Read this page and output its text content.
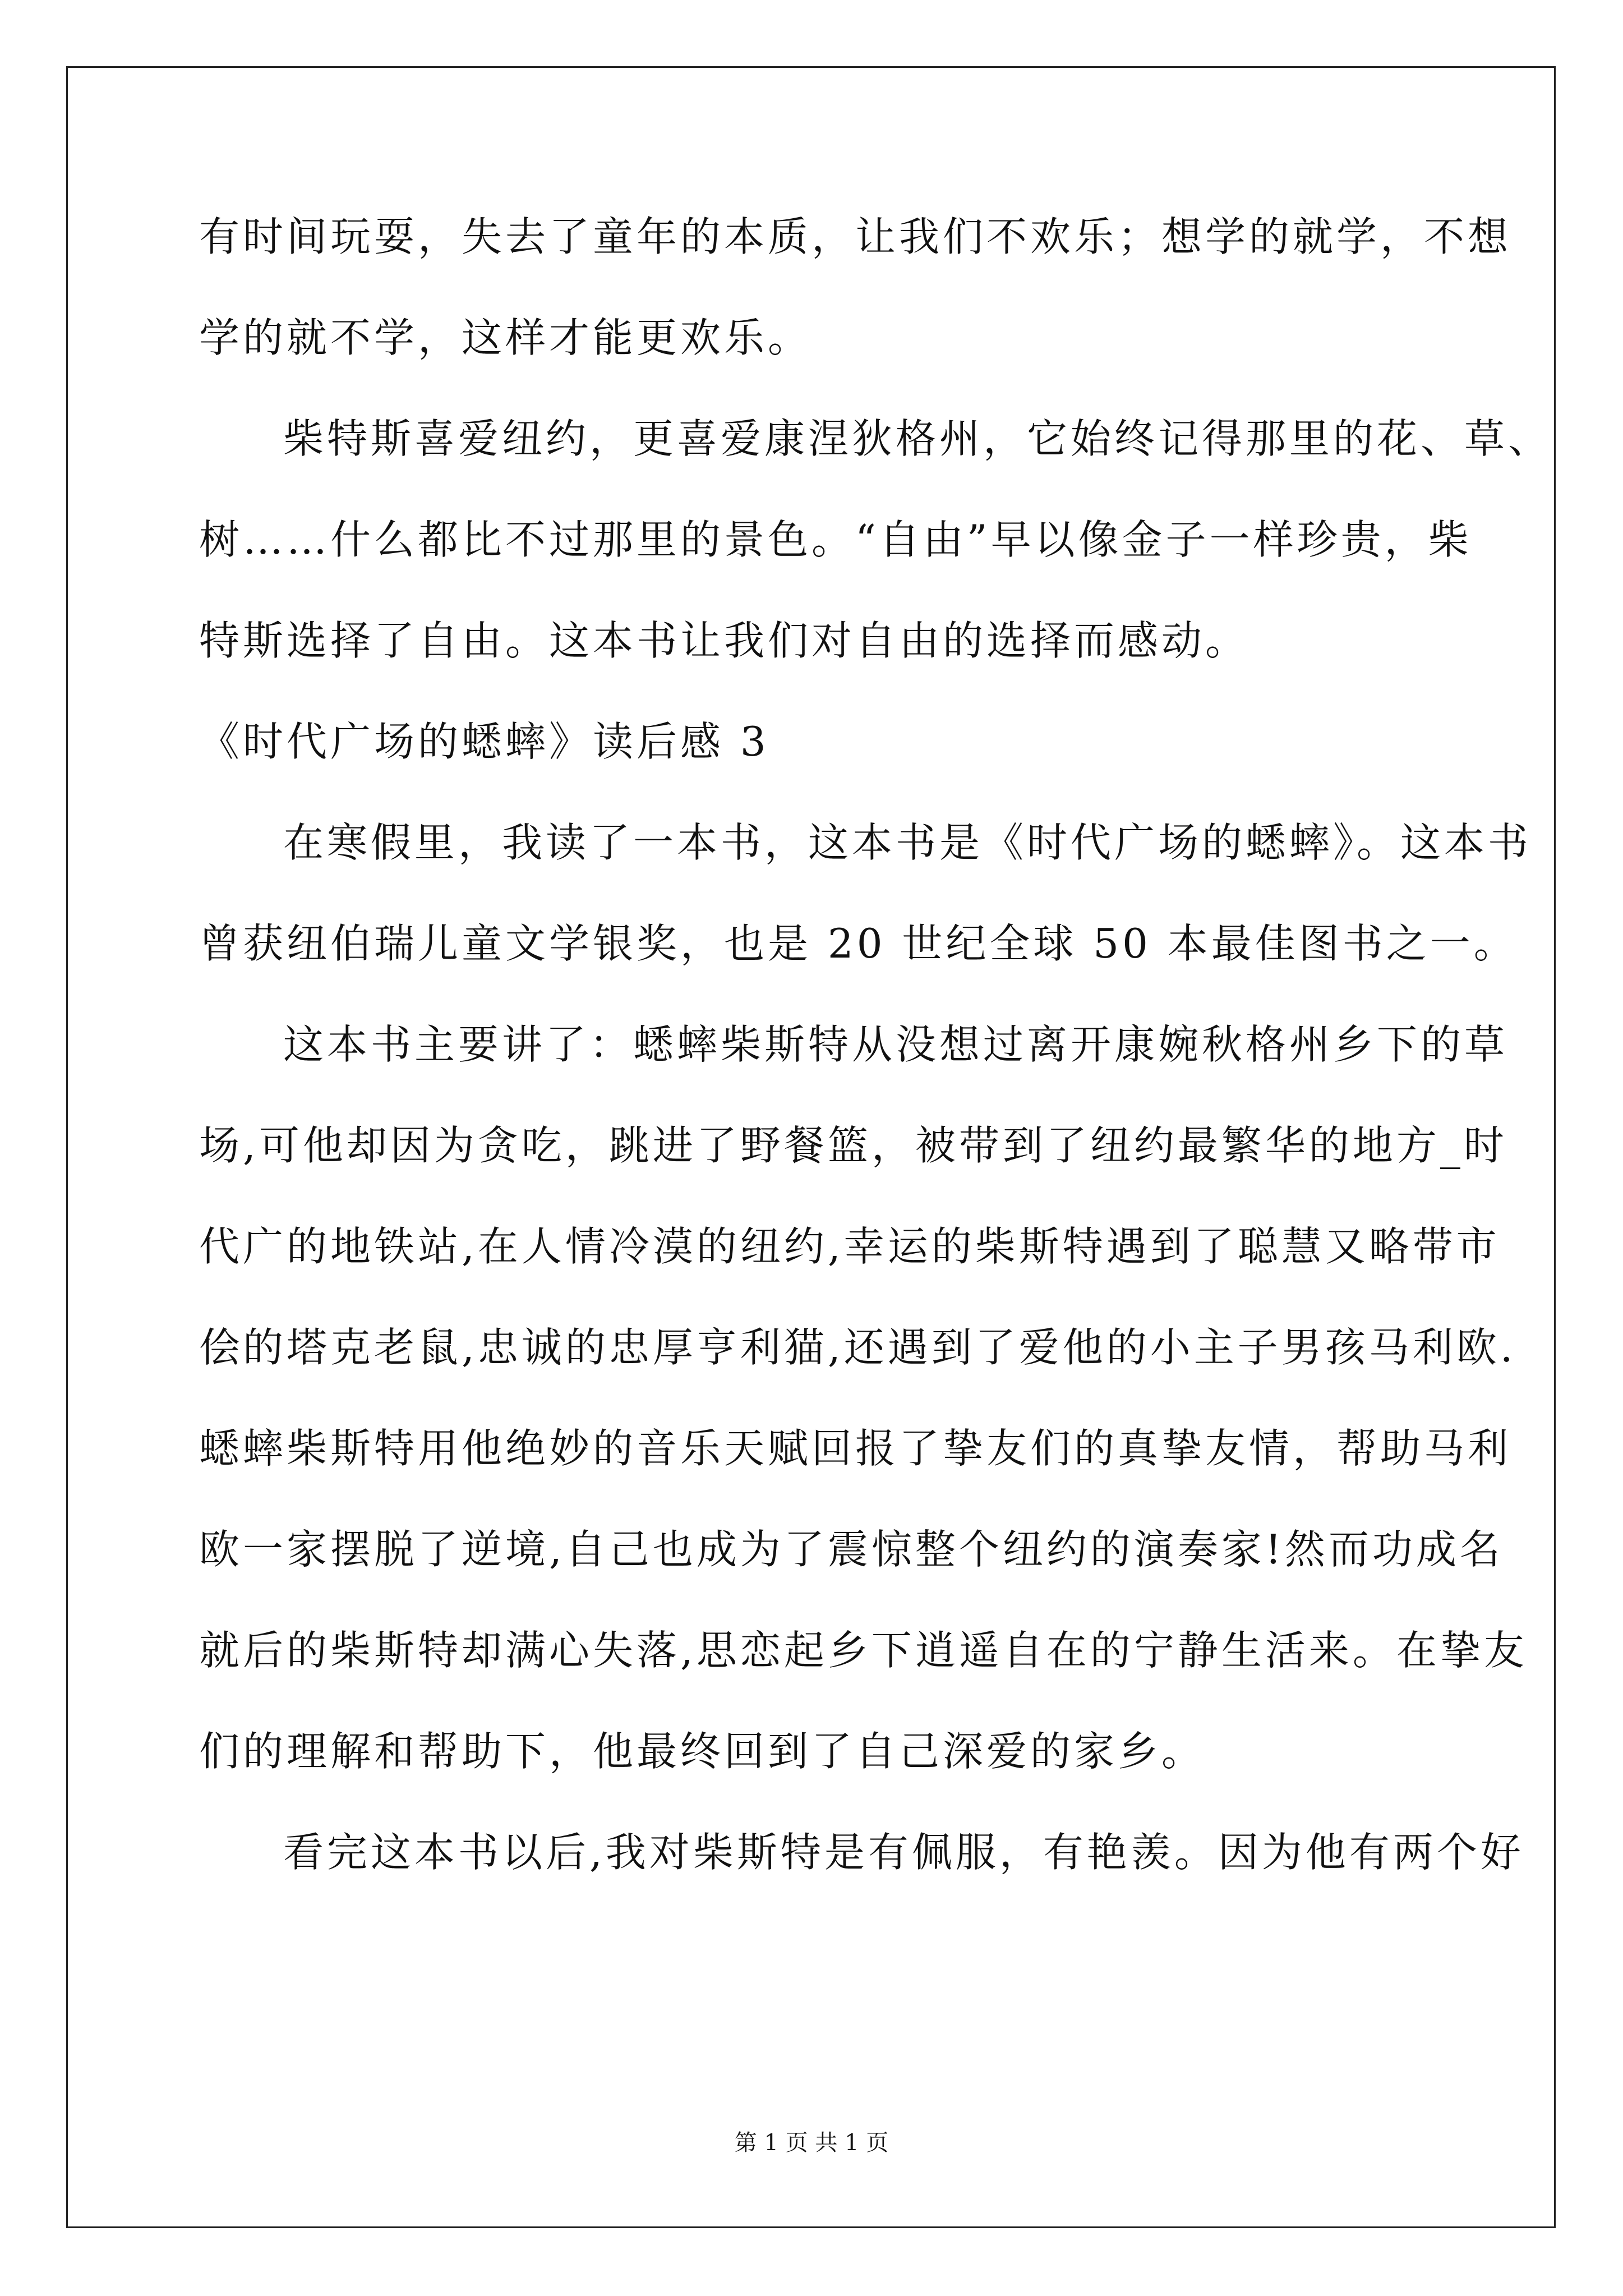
有时间玩耍，失去了童年的本质，让我们不欢乐；想学的就学，不想
学的就不学，这样才能更欢乐。
柴特斯喜爱纽约，更喜爱康涅狄格州，它始终记得那里的花、草、
树……什么都比不过那里的景色。“自由”早以像金子一样珍贵，柴
特斯选择了自由。这本书让我们对自由的选择而感动。
《时代广场的蟋蟀》读后感 3
在寒假里，我读了一本书，这本书是《时代广场的蟋蟀》。这本书
曾获纽伯瑞儿童文学银奖，也是 20 世纪全球 50 本最佳图书之一。
这本书主要讲了：蟋蟀柴斯特从没想过离开康婉秋格州乡下的草
场,可他却因为贪吃，跳进了野餐篮，被带到了纽约最繁华的地方_时
代广的地铁站,在人情冷漠的纽约,幸运的柴斯特遇到了聪慧又略带市
侩的塔克老鼠,忠诚的忠厚亨利猫,还遇到了爱他的小主子男孩马利欧.
蟋蟀柴斯特用他绝妙的音乐天赋回报了挚友们的真挚友情，帮助马利
欧一家摆脱了逆境,自己也成为了震惊整个纽约的演奏家!然而功成名
就后的柴斯特却满心失落,思恋起乡下逍遥自在的宁静生活来。在挚友
们的理解和帮助下，他最终回到了自己深爱的家乡。
看完这本书以后,我对柴斯特是有佩服，有艳羡。因为他有两个好
第 1 页 共 1 页
